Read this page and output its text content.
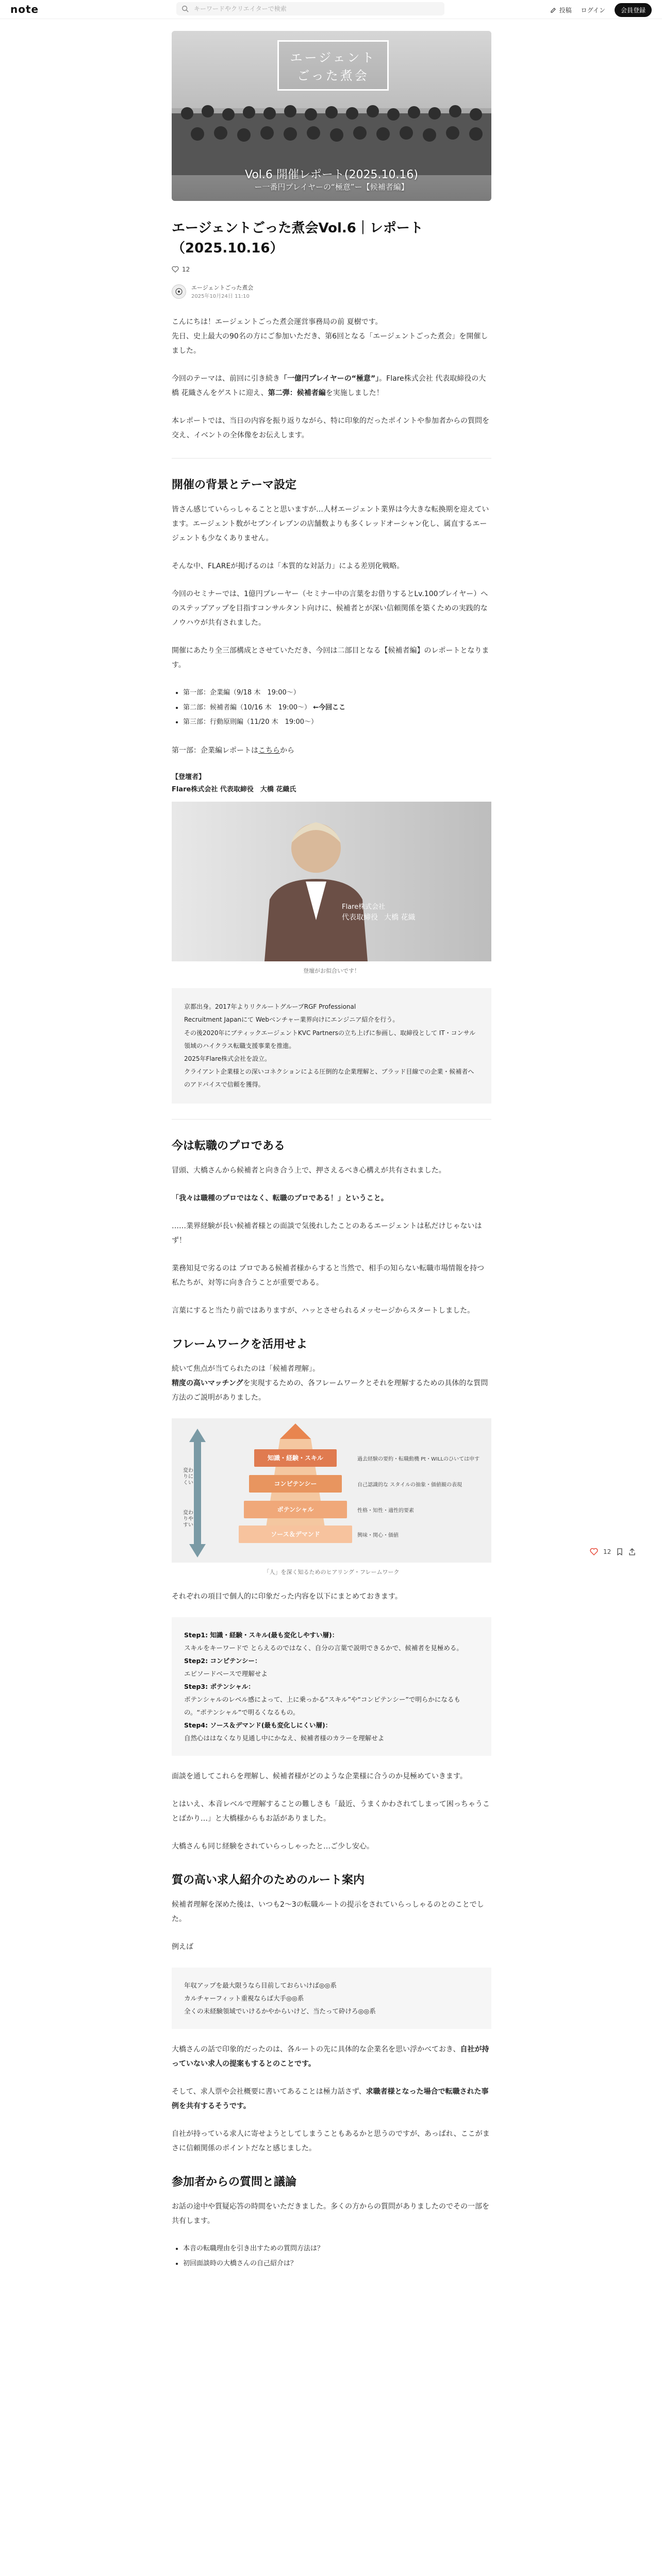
note
キーワードやクリエイターで検索	投稿 ログイン	会員登録
エージェント
ごった煮会
Vol.6 開催レポート(2025.10.16)
ー一番円プレイヤーの“極意”ー【候補者編】
エージェントごった煮会Vol.6｜レポート（2025.10.16）
12
エージェントごった煮会
2025年10月24日 11:10

こんにちは！エージェントごった煮会運営事務局の前 夏樹です。
先日、史上最大の90名の方にご参加いただき、第6回となる「エージェントごった煮会」を開催しました。

今回のテーマは、前回に引き続き「一億円プレイヤーの“極意”」。Flare株式会社 代表取締役の大橋 花織さんをゲストに迎え、第二弾：候補者編を実施しました！

本レポートでは、当日の内容を振り返りながら、特に印象的だったポイントや参加者からの質問を交え、イベントの全体像をお伝えします。

開催の背景とテーマ設定

皆さん感じていらっしゃることと思いますが…人材エージェント業界は今大きな転換期を迎えています。エージェント数がセブンイレブンの店舗数よりも多くレッドオーシャン化し、属直するエージェントも少なくありません。

そんな中、FLAREが掲げるのは「本質的な対話力」による差別化戦略。

今回のセミナーでは、1億円プレーヤー（セミナー中の言葉をお借りするとLv.100プレイヤー）へのステップアップを目指すコンサルタント向けに、候補者とが深い信頼関係を築くための実践的なノウハウが共有されました。

開催にあたり全三部構成とさせていただき、今回は二部目となる【候補者編】のレポートとなります。

• 第一部：企業編（9/18 木　19:00〜）
• 第二部：候補者編（10/16 木　19:00〜） ←今回ここ
• 第三部：行動原則編（11/20 木　19:00〜）

第一部：企業編レポートはこちらから

【登壇者】
Flare株式会社 代表取締役　大橋 花織氏
Flare株式会社
代表取締役 大橋 花織
登壇がお似合いです！
京都出身。2017年よりリクルートグループRGF Professional
Recruitment Japanにて Webベンチャー業界向けにエンジニア紹介を行う。
その後2020年にブティックエージェントKVC Partnersの立ち上げに参画し、取締役として IT・コンサル領域のハイクラス転職支援事業を推進。
2025年Flare株式会社を設立。
クライアント企業様との深いコネクションによる圧倒的な企業理解と、ブラッド目線での企業・候補者へのアドバイスで信頼を獲得。
今は転職のプロである

冒頭、大橋さんから候補者と向き合う上で、押さえるべき心構えが共有されました。

「我々は職種のプロではなく、転職のプロである！」ということ。

……業界経験が長い候補者様との面談で気後れしたことのあるエージェントは私だけじゃないはず！

業務知見で劣るのは プロである候補者様からすると当然で、相手の知らない転職市場情報を持つ私たちが、対等に向き合うことが重要である。

言葉にすると当たり前ではありますが、ハッとさせられるメッセージからスタートしました。

フレームワークを活用せよ

続いて焦点が当てられたのは「候補者理解」。
精度の高いマッチングを実現するための、各フレームワークとそれを理解するための具体的な質問方法のご説明がありました。

変わりにくい
変わりやすい
知識・経験・スキル
コンピテンシー
ポテンシャル
ソース＆デマンド
過去経験の要約・転職動機 Pt・WILLのひいては申す
自己認識的な スタイルの抽象・価値観の表現
性格・知性・適性的要素
興味・関心・価値
「人」を深く知るためのヒアリング・フレームワーク

それぞれの項目で個人的に印象だった内容を以下にまとめておきます。

Step1: 知識・経験・スキル(最も変化しやすい層)：
スキルをキーワードで とらえるのではなく、自分の言葉で説明できるかで、候補者を見極める。
Step2: コンピテンシー：
エピソードベースで理解せよ
Step3: ポテンシャル：
ポテンシャルのレベル感によって、上に乗っかる“スキル”や“コンピテンシー”で明らかになるもの。“ポテンシャル”で明るくなるもの。
Step4: ソース＆デマンド(最も変化しにくい層)：
自然心ははなくなり見通し中にかなえ、候補者様のカラーを理解せよ

面談を通してこれらを理解し、候補者様がどのような企業様に合うのか見極めていきます。

とはいえ、本音レベルで理解することの難しさも「最近、うまくかわされてしまって困っちゃうことばかり…」と大橋様からもお話がありました。

大橋さんも同じ経験をされていらっしゃったと…ご少し安心。

質の高い求人紹介のためのルート案内

候補者理解を深めた後は、いつも2〜3の転職ルートの提示をされていらっしゃるのとのことでした。

例えば

年収アップを最大限うなら目前しておらいけば◎◎系
カルチャーフィット重視ならば大手◎◎系
全くの未経験領域でいけるかやからいけど、当たって砕けろ◎◎系

大橋さんの話で印象的だったのは、各ルートの先に具体的な企業名を思い浮かべておき、自社が持っていない求人の提案もするとのことです。

そして、求人票や会社概要に書いてあることは極力話さず、求職者様となった場合で転職された事例を共有するそうです。

自社が持っている求人に寄せようとしてしまうこともあるかと思うのですが、あっぱれ、ここがまさに信頼関係のポイントだなと感じました。

参加者からの質問と議論

お話の途中や質疑応答の時間をいただきました。多くの方からの質問がありましたのでその一部を共有します。

• 本音の転職理由を引き出すための質問方法は？
• 初回面談時の大橋さんの自己紹介は？
12
